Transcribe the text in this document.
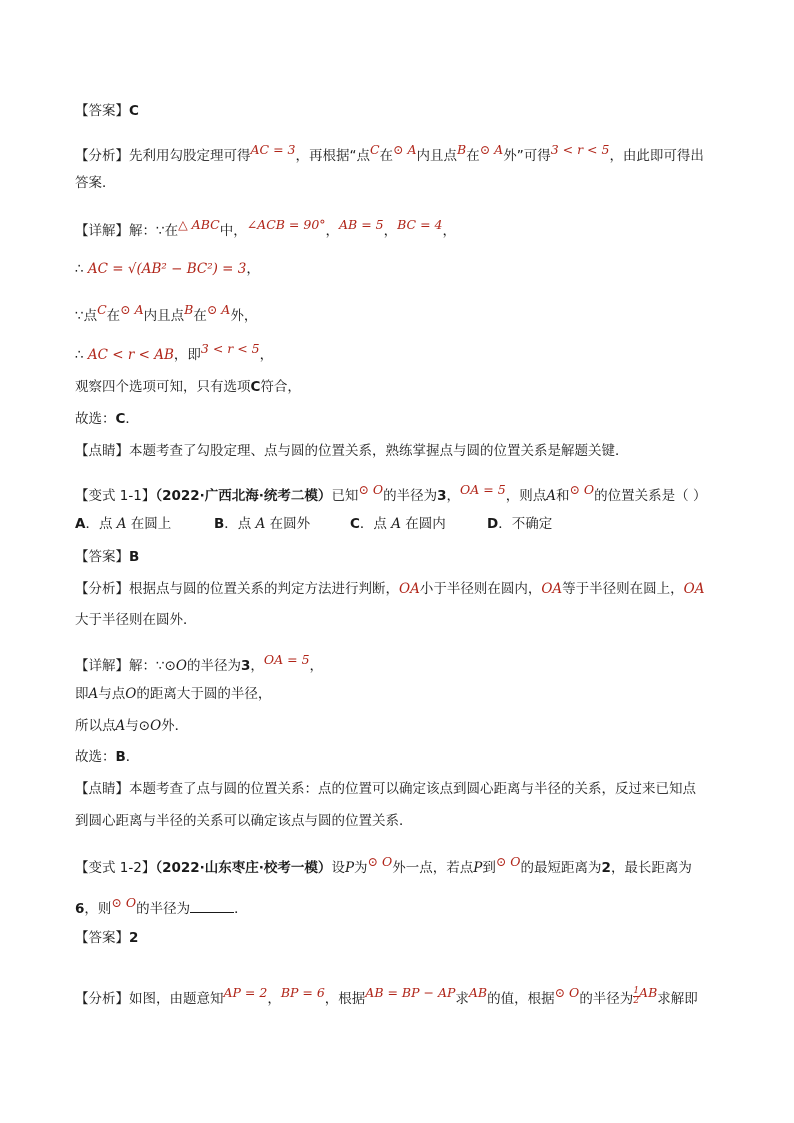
【答案】C
【分析】先利用勾股定理可得AC = 3，再根据“点C在⊙ A内且点B在⊙ A外”可得3 < r < 5，由此即可得出
答案．
【详解】解：∵在△ ABC中，∠ACB = 90°，AB = 5，BC = 4，
∴ AC = √(AB² − BC²) = 3，
∵点C在⊙ A内且点B在⊙ A外，
∴ AC < r < AB，即3 < r < 5，
观察四个选项可知，只有选项C符合，
故选：C．
【点睛】本题考查了勾股定理、点与圆的位置关系，熟练掌握点与圆的位置关系是解题关键．
【变式 1-1】（2022·广西北海·统考二模）已知⊙ O的半径为3，OA = 5，则点A和⊙ O的位置关系是（ ）
A．点 A 在圆上	B．点 A 在圆外	C．点 A 在圆内	D．不确定
【答案】B
【分析】根据点与圆的位置关系的判定方法进行判断，OA小于半径则在圆内，OA等于半径则在圆上，OA
大于半径则在圆外．
【详解】解：∵⊙O的半径为3，OA = 5，
即A与点O的距离大于圆的半径，
所以点A与⊙O外．
故选：B．
【点睛】本题考查了点与圆的位置关系：点的位置可以确定该点到圆心距离与半径的关系，反过来已知点
到圆心距离与半径的关系可以确定该点与圆的位置关系．
【变式 1-2】（2022·山东枣庄·校考一模）设P为⊙ O外一点，若点P到⊙ O的最短距离为2，最长距离为
6，则⊙ O的半径为	．
【答案】2
【分析】如图，由题意知AP = 2，BP = 6，根据AB = BP − AP求AB的值，根据⊙ O的半径为 $\frac{1}{2}$ AB求解即
